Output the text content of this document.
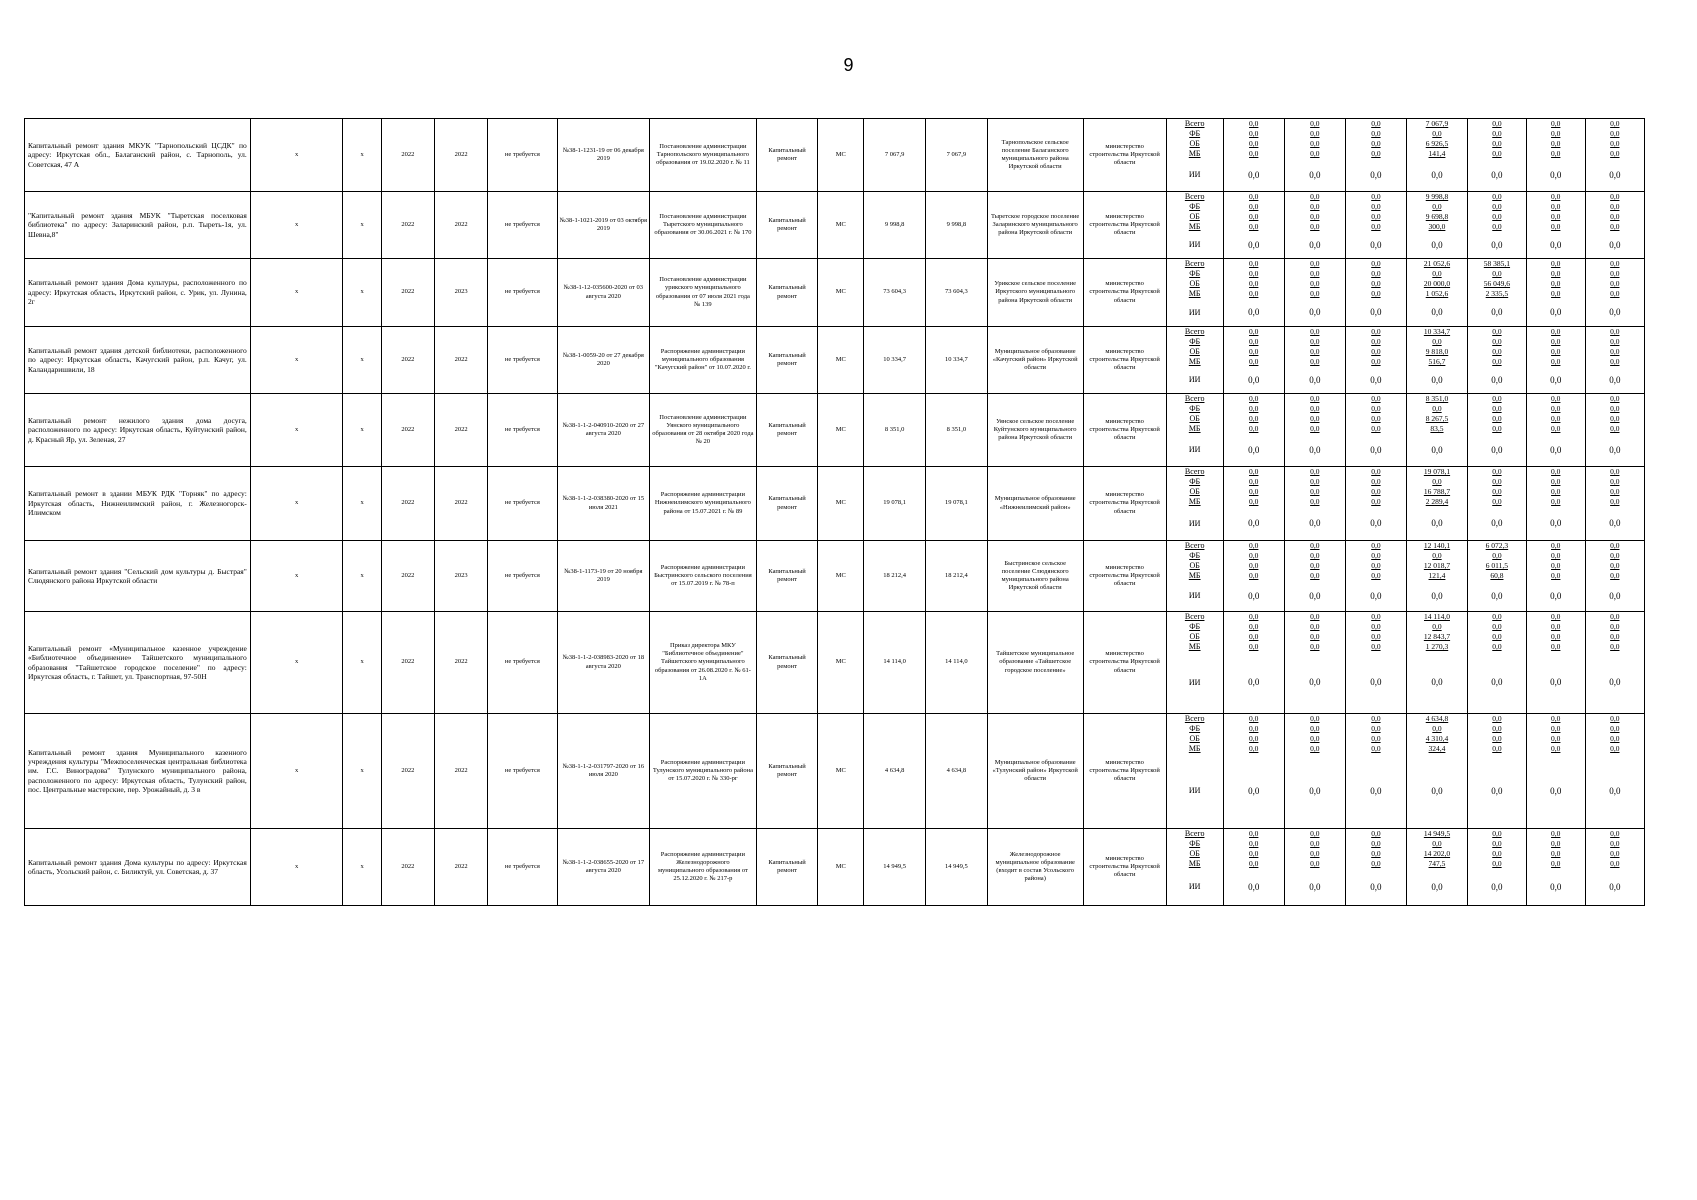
9
Капитальный ремонт здания МКУК "Тарнопольский ЦСДК" по адресу: Иркутская обл., Балаганский район, с. Тарнополь, ул. Советская, 47 А	x	x	2022	2022	не требуется	№38-1-1231-19 от 06 декабря 2019	Постановление администрации Тарнопольского муниципального образования от 19.02.2020 г. № 11	Капитальный ремонт	МС	7 067,9	7 067,9	Тарнопольское сельское поселение Балаганского муниципального района Иркутской области	министерство строительства Иркутской области	
Всего	0,0	0,0	0,0	7 067,9	0,0	0,0	0,0
ФБ	0,0	0,0	0,0	0,0	0,0	0,0	0,0
ОБ	0,0	0,0	0,0	6 926,5	0,0	0,0	0,0
МБ	0,0	0,0	0,0	141,4	0,0	0,0	0,0
ИИ	0,0	0,0	0,0	0,0	0,0	0,0	0,0

"Капитальный ремонт здания МБУК "Тыретская поселковая библиотека" по адресу: Заларинский район, р.п. Тыреть-1я, ул. Шевна,8"	x	x	2022	2022	не требуется	№38-1-1021-2019 от 03 октября 2019	Постановление администрации Тыретского муниципального образования от 30.06.2021 г. № 170	Капитальный ремонт	МС	9 998,8	9 998,8	Тыретское городское поселение Заларинского муниципального района Иркутской области	министерство строительства Иркутской области	
Всего	0,0	0,0	0,0	9 998,8	0,0	0,0	0,0
ФБ	0,0	0,0	0,0	0,0	0,0	0,0	0,0
ОБ	0,0	0,0	0,0	9 698,8	0,0	0,0	0,0
МБ	0,0	0,0	0,0	300,0	0,0	0,0	0,0
ИИ	0,0	0,0	0,0	0,0	0,0	0,0	0,0

Капитальный ремонт здания Дома культуры, расположенного по адресу: Иркутская область, Иркутский район, с. Урик, ул. Лунина, 2г	x	x	2022	2023	не требуется	№38-1-12-035600-2020 от 03 августа 2020	Постановление администрации урикского муниципального образования от 07 июля 2021 года № 139	Капитальный ремонт	МС	73 604,3	73 604,3	Урикское сельское поселение Иркутского муниципального района Иркутской области	министерство строительства Иркутской области	
Всего	0,0	0,0	0,0	21 052,6	58 385,1	0,0	0,0
ФБ	0,0	0,0	0,0	0,0	0,0	0,0	0,0
ОБ	0,0	0,0	0,0	20 000,0	56 049,6	0,0	0,0
МБ	0,0	0,0	0,0	1 052,6	2 335,5	0,0	0,0
ИИ	0,0	0,0	0,0	0,0	0,0	0,0	0,0

Капитальный ремонт здания детской библиотеки, расположенного по адресу: Иркутская область, Качугский район, р.п. Качуг, ул. Каландаришвили, 18	x	x	2022	2022	не требуется	№38-1-0059-20 от 27 декабря 2020	Распоряжение администрации муниципального образования "Качугский район" от 10.07.2020 г.	Капитальный ремонт	МС	10 334,7	10 334,7	Муниципальное образование «Качугский район» Иркутской области	министерство строительства Иркутской области	
Всего	0,0	0,0	0,0	10 334,7	0,0	0,0	0,0
ФБ	0,0	0,0	0,0	0,0	0,0	0,0	0,0
ОБ	0,0	0,0	0,0	9 818,0	0,0	0,0	0,0
МБ	0,0	0,0	0,0	516,7	0,0	0,0	0,0
ИИ	0,0	0,0	0,0	0,0	0,0	0,0	0,0

Капитальный ремонт нежилого здания дома досуга, расположенного по адресу: Иркутская область, Куйтунский район, д. Красный Яр, ул. Зеленая, 27	x	x	2022	2022	не требуется	№38-1-1-2-040910-2020 от 27 августа 2020	Постановление администрации Уянского муниципального образования от 28 октября 2020 года № 20	Капитальный ремонт	МС	8 351,0	8 351,0	Уянское сельское поселение Куйтунского муниципального района Иркутской области	министерство строительства Иркутской области	
Всего	0,0	0,0	0,0	8 351,0	0,0	0,0	0,0
ФБ	0,0	0,0	0,0	0,0	0,0	0,0	0,0
ОБ	0,0	0,0	0,0	8 267,5	0,0	0,0	0,0
МБ	0,0	0,0	0,0	83,5	0,0	0,0	0,0
ИИ	0,0	0,0	0,0	0,0	0,0	0,0	0,0

Капитальный ремонт в здании МБУК РДК "Горняк" по адресу: Иркутская область, Нижнеилимский район, г. Железногорск-Илимском	x	x	2022	2022	не требуется	№38-1-1-2-038380-2020 от 15 июля 2021	Распоряжение администрации Нижнеилимского муниципального района от 15.07.2021 г. № 89	Капитальный ремонт	МС	19 078,1	19 078,1	Муниципальное образование «Нижнеилимский район»	министерство строительства Иркутской области	
Всего	0,0	0,0	0,0	19 078,1	0,0	0,0	0,0
ФБ	0,0	0,0	0,0	0,0	0,0	0,0	0,0
ОБ	0,0	0,0	0,0	16 788,7	0,0	0,0	0,0
МБ	0,0	0,0	0,0	2 289,4	0,0	0,0	0,0
ИИ	0,0	0,0	0,0	0,0	0,0	0,0	0,0

Капитальный ремонт здания "Сельский дом культуры д. Быстрая" Слюдянского района Иркутской области	x	x	2022	2023	не требуется	№38-1-1173-19 от 20 ноября 2019	Распоряжение администрации Быстринского сельского поселения от 15.07.2019 г. № 78-п	Капитальный ремонт	МС	18 212,4	18 212,4	Быстринское сельское поселение Слюдянского муниципального района Иркутской области	министерство строительства Иркутской области	
Всего	0,0	0,0	0,0	12 140,1	6 072,3	0,0	0,0
ФБ	0,0	0,0	0,0	0,0	0,0	0,0	0,0
ОБ	0,0	0,0	0,0	12 018,7	6 011,5	0,0	0,0
МБ	0,0	0,0	0,0	121,4	60,8	0,0	0,0
ИИ	0,0	0,0	0,0	0,0	0,0	0,0	0,0

Капитальный ремонт «Муниципальное казенное учреждение «Библиотечное объединение» Тайшетского муниципального образования "Тайшетское городское поселение" по адресу: Иркутская область, г. Тайшет, ул. Транспортная, 97-50Н	x	x	2022	2022	не требуется	№38-1-1-2-038983-2020 от 18 августа 2020	Приказ директора МКУ "Библиотечное объединение" Тайшетского муниципального образования от 26.08.2020 г. № 61-1А	Капитальный ремонт	МС	14 114,0	14 114,0	Тайшетское муниципальное образование «Тайшетское городское поселение»	министерство строительства Иркутской области	
Всего	0,0	0,0	0,0	14 114,0	0,0	0,0	0,0
ФБ	0,0	0,0	0,0	0,0	0,0	0,0	0,0
ОБ	0,0	0,0	0,0	12 843,7	0,0	0,0	0,0
МБ	0,0	0,0	0,0	1 270,3	0,0	0,0	0,0
ИИ	0,0	0,0	0,0	0,0	0,0	0,0	0,0

Капитальный ремонт здания Муниципального казенного учреждения культуры "Межпоселенческая центральная библиотека им. Г.С. Виноградова" Тулунского муниципального района, расположенного по адресу: Иркутская область, Тулунский район, пос. Центральные мастерские, пер. Урожайный, д. 3 в	x	x	2022	2022	не требуется	№38-1-1-2-031797-2020 от 16 июля 2020	Распоряжение администрации Тулунского муниципального района от 15.07.2020 г. № 330-рг	Капитальный ремонт	МС	4 634,8	4 634,8	Муниципальное образование «Тулунский район» Иркутской области	министерство строительства Иркутской области	
Всего	0,0	0,0	0,0	4 634,8	0,0	0,0	0,0
ФБ	0,0	0,0	0,0	0,0	0,0	0,0	0,0
ОБ	0,0	0,0	0,0	4 310,4	0,0	0,0	0,0
МБ	0,0	0,0	0,0	324,4	0,0	0,0	0,0
ИИ	0,0	0,0	0,0	0,0	0,0	0,0	0,0

Капитальный ремонт здания Дома культуры по адресу: Иркутская область, Усольский район, с. Биликтуй, ул. Советская, д. 37	x	x	2022	2022	не требуется	№38-1-1-2-038655-2020 от 17 августа 2020	Распоряжение администрации Железнодорожного муниципального образования от 25.12.2020 г. № 217-р	Капитальный ремонт	МС	14 949,5	14 949,5	Железнодорожное муниципальное образование (входит в состав Усольского района)	министерство строительства Иркутской области	
Всего	0,0	0,0	0,0	14 949,5	0,0	0,0	0,0
ФБ	0,0	0,0	0,0	0,0	0,0	0,0	0,0
ОБ	0,0	0,0	0,0	14 202,0	0,0	0,0	0,0
МБ	0,0	0,0	0,0	747,5	0,0	0,0	0,0
ИИ	0,0	0,0	0,0	0,0	0,0	0,0	0,0
